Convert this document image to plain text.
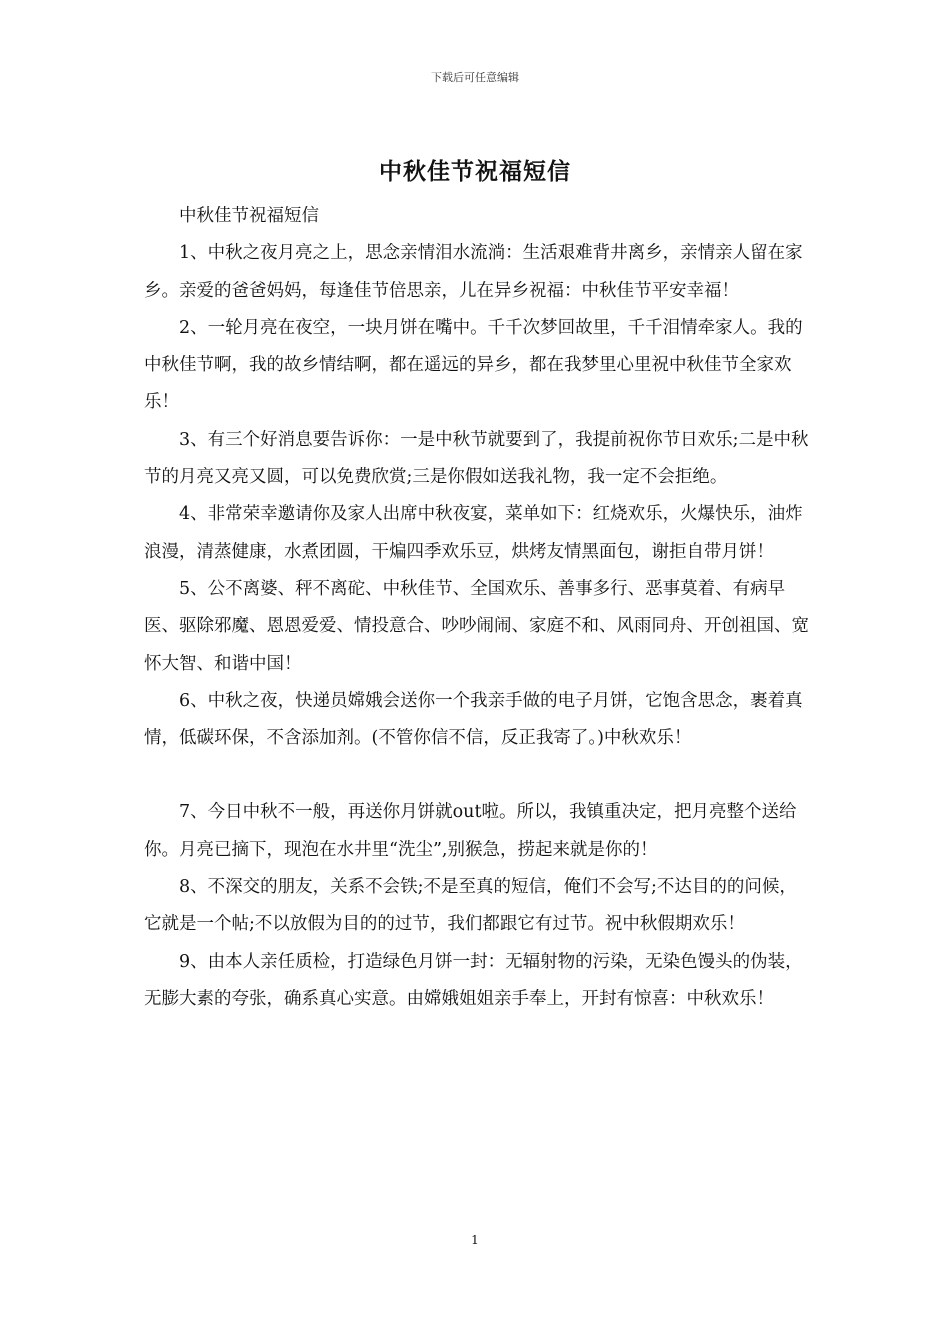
下载后可任意编辑
中秋佳节祝福短信

中秋佳节祝福短信

1、中秋之夜月亮之上，思念亲情泪水流淌：生活艰难背井离乡，亲情亲人留在家乡。亲爱的爸爸妈妈，每逢佳节倍思亲，儿在异乡祝福：中秋佳节平安幸福！

2、一轮月亮在夜空，一块月饼在嘴中。千千次梦回故里，千千泪情牵家人。我的中秋佳节啊，我的故乡情结啊，都在遥远的异乡，都在我梦里心里祝中秋佳节全家欢乐！

3、有三个好消息要告诉你：一是中秋节就要到了，我提前祝你节日欢乐;二是中秋节的月亮又亮又圆，可以免费欣赏;三是你假如送我礼物，我一定不会拒绝。

4、非常荣幸邀请你及家人出席中秋夜宴，菜单如下：红烧欢乐，火爆快乐，油炸浪漫，清蒸健康，水煮团圆，干煸四季欢乐豆，烘烤友情黑面包，谢拒自带月饼！

5、公不离婆、秤不离砣、中秋佳节、全国欢乐、善事多行、恶事莫着、有病早医、驱除邪魔、恩恩爱爱、情投意合、吵吵闹闹、家庭不和、风雨同舟、开创祖国、宽怀大智、和谐中国！

6、中秋之夜，快递员嫦娥会送你一个我亲手做的电子月饼，它饱含思念，裹着真情，低碳环保，不含添加剂。(不管你信不信，反正我寄了。)中秋欢乐！

7、今日中秋不一般，再送你月饼就out啦。所以，我镇重决定，把月亮整个送给你。月亮已摘下，现泡在水井里“洗尘”,别猴急，捞起来就是你的！

8、不深交的朋友，关系不会铁;不是至真的短信，俺们不会写;不达目的的问候，它就是一个帖;不以放假为目的的过节，我们都跟它有过节。祝中秋假期欢乐！

9、由本人亲任质检，打造绿色月饼一封：无辐射物的污染，无染色馒头的伪装，无膨大素的夸张，确系真心实意。由嫦娥姐姐亲手奉上，开封有惊喜：中秋欢乐！

1
